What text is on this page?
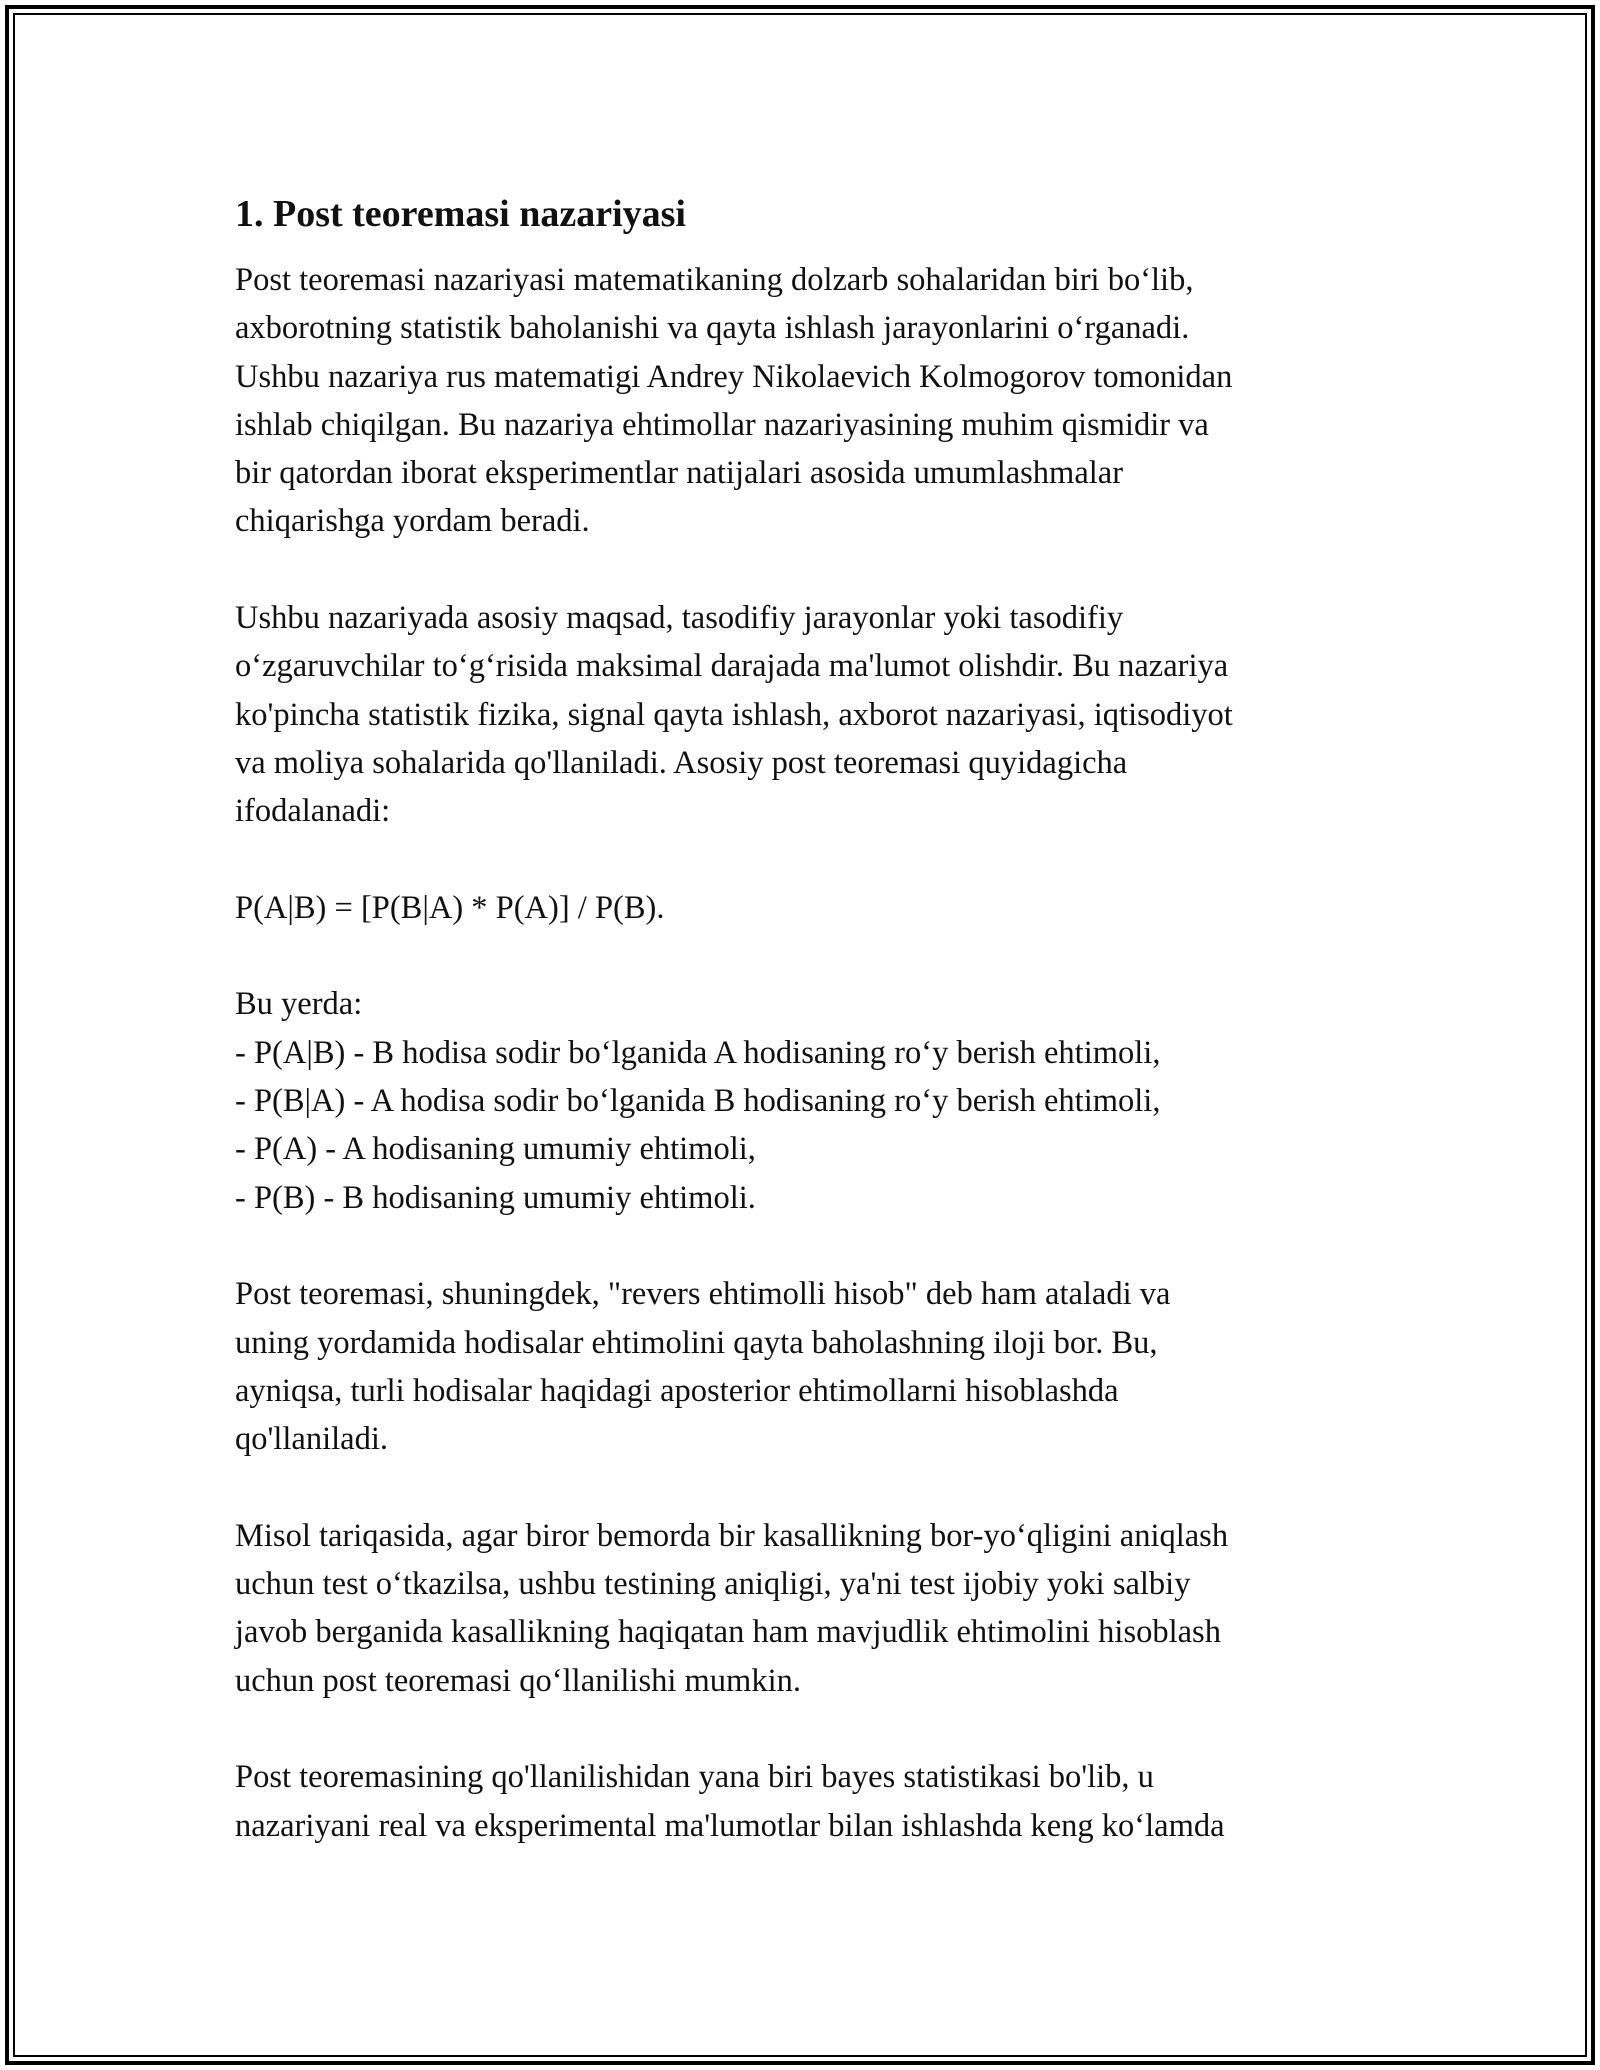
1. Post teoremasi nazariyasi

Post teoremasi nazariyasi matematikaning dolzarb sohalaridan biri bo‘lib,
axborotning statistik baholanishi va qayta ishlash jarayonlarini o‘rganadi.
Ushbu nazariya rus matematigi Andrey Nikolaevich Kolmogorov tomonidan
ishlab chiqilgan. Bu nazariya ehtimollar nazariyasining muhim qismidir va
bir qatordan iborat eksperimentlar natijalari asosida umumlashmalar
chiqarishga yordam beradi.

Ushbu nazariyada asosiy maqsad, tasodifiy jarayonlar yoki tasodifiy
o‘zgaruvchilar to‘g‘risida maksimal darajada ma'lumot olishdir. Bu nazariya
ko'pincha statistik fizika, signal qayta ishlash, axborot nazariyasi, iqtisodiyot
va moliya sohalarida qo'llaniladi. Asosiy post teoremasi quyidagicha
ifodalanadi:

P(A|B) = [P(B|A) * P(A)] / P(B).

Bu yerda:

- P(A|B) - B hodisa sodir bo‘lganida A hodisaning ro‘y berish ehtimoli,
- P(B|A) - A hodisa sodir bo‘lganida B hodisaning ro‘y berish ehtimoli,
- P(A) - A hodisaning umumiy ehtimoli,
- P(B) - B hodisaning umumiy ehtimoli.

Post teoremasi, shuningdek, "revers ehtimolli hisob" deb ham ataladi va
uning yordamida hodisalar ehtimolini qayta baholashning iloji bor. Bu,
ayniqsa, turli hodisalar haqidagi aposterior ehtimollarni hisoblashda
qo'llaniladi.

Misol tariqasida, agar biror bemorda bir kasallikning bor-yo‘qligini aniqlash
uchun test o‘tkazilsa, ushbu testining aniqligi, ya'ni test ijobiy yoki salbiy
javob berganida kasallikning haqiqatan ham mavjudlik ehtimolini hisoblash
uchun post teoremasi qo‘llanilishi mumkin.

Post teoremasining qo'llanilishidan yana biri bayes statistikasi bo'lib, u
nazariyani real va eksperimental ma'lumotlar bilan ishlashda keng ko‘lamda
